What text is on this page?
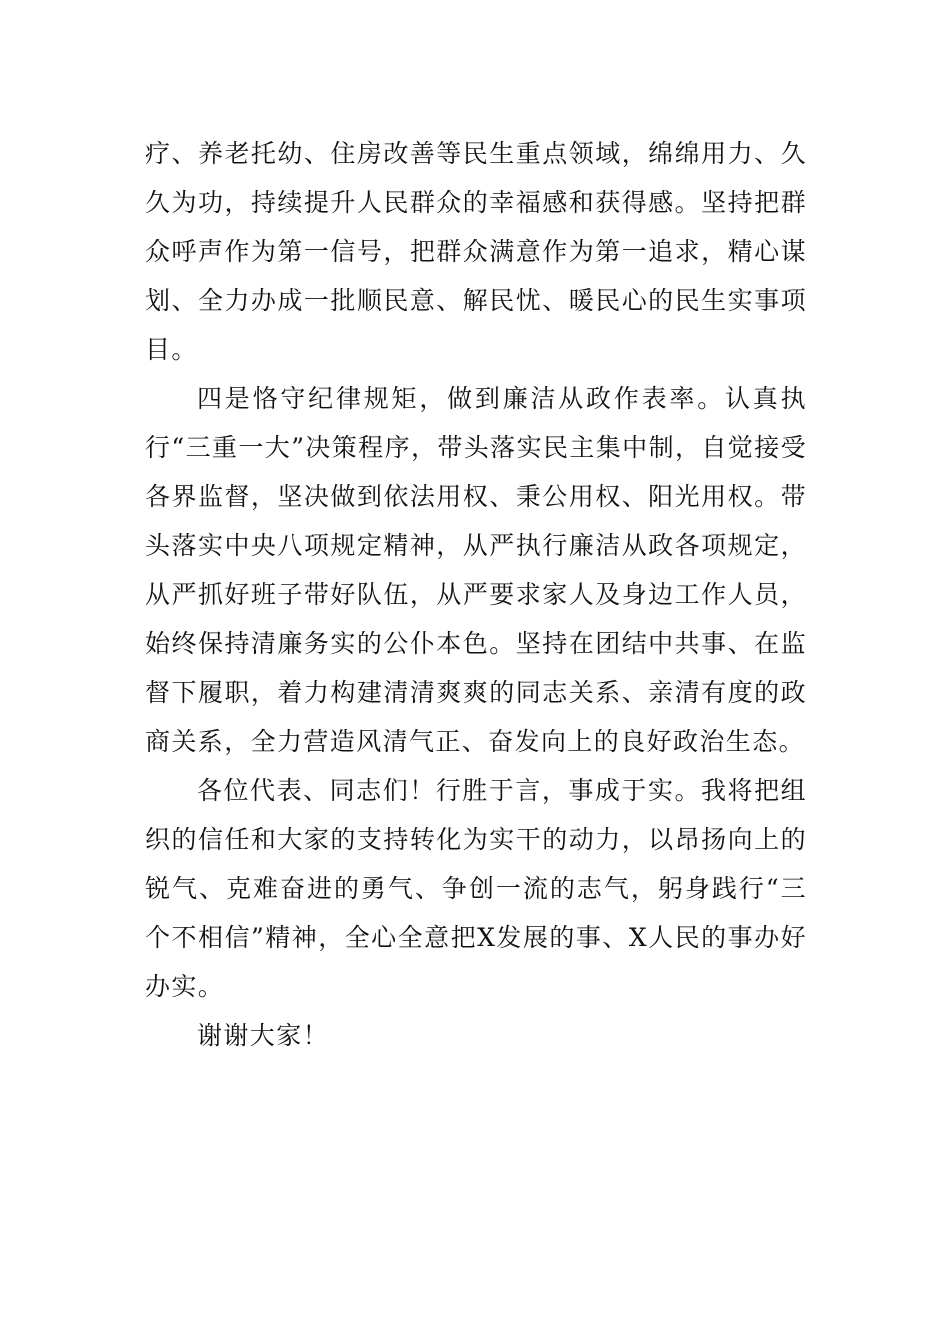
疗、养老托幼、住房改善等民生重点领域，绵绵用力、久久为功，持续提升人民群众的幸福感和获得感。坚持把群众呼声作为第一信号，把群众满意作为第一追求，精心谋划、全力办成一批顺民意、解民忧、暖民心的民生实事项目。

四是恪守纪律规矩，做到廉洁从政作表率。认真执行“三重一大”决策程序，带头落实民主集中制，自觉接受各界监督，坚决做到依法用权、秉公用权、阳光用权。带头落实中央八项规定精神，从严执行廉洁从政各项规定，从严抓好班子带好队伍，从严要求家人及身边工作人员，始终保持清廉务实的公仆本色。坚持在团结中共事、在监督下履职，着力构建清清爽爽的同志关系、亲清有度的政商关系，全力营造风清气正、奋发向上的良好政治生态。

各位代表、同志们！行胜于言，事成于实。我将把组织的信任和大家的支持转化为实干的动力，以昂扬向上的锐气、克难奋进的勇气、争创一流的志气，躬身践行“三个不相信”精神，全心全意把X发展的事、X人民的事办好办实。

谢谢大家！
